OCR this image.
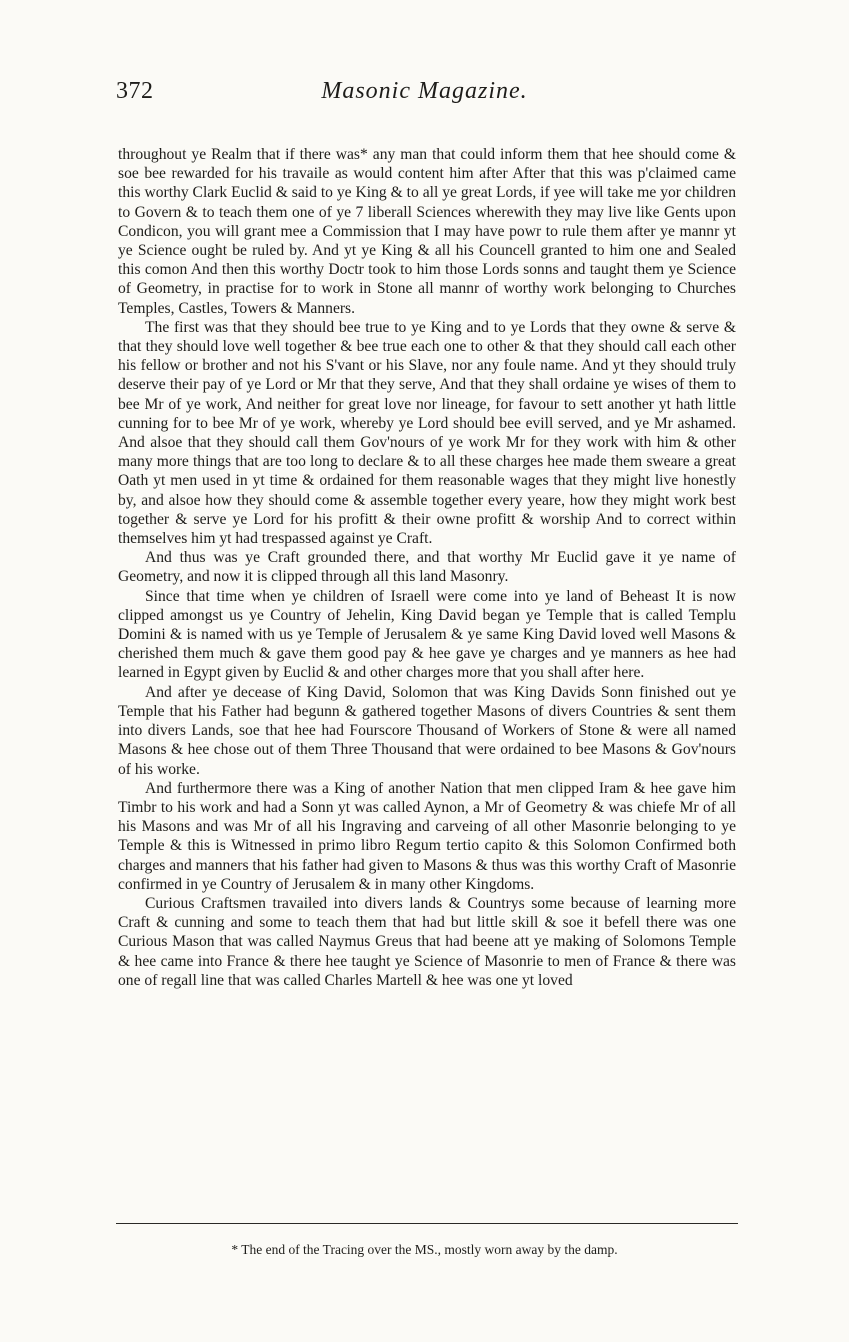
372	Masonic Magazine.

throughout ye Realm that if there was* any man that could inform them that hee should come & soe bee rewarded for his travaile as would content him after After that this was p'claimed came this worthy Clark Euclid & said to ye King & to all ye great Lords, if yee will take me yor children to Govern & to teach them one of ye 7 liberall Sciences wherewith they may live like Gents upon Condicon, you will grant mee a Commission that I may have powr to rule them after ye mannr yt ye Science ought be ruled by. And yt ye King & all his Councell granted to him one and Sealed this comon And then this worthy Doctr took to him those Lords sonns and taught them ye Science of Geometry, in practise for to work in Stone all mannr of worthy work belonging to Churches Temples, Castles, Towers & Manners.

The first was that they should bee true to ye King and to ye Lords that they owne & serve & that they should love well together & bee true each one to other & that they should call each other his fellow or brother and not his S'vant or his Slave, nor any foule name. And yt they should truly deserve their pay of ye Lord or Mr that they serve, And that they shall ordaine ye wises of them to bee Mr of ye work, And neither for great love nor lineage, for favour to sett another yt hath little cunning for to bee Mr of ye work, whereby ye Lord should bee evill served, and ye Mr ashamed. And alsoe that they should call them Gov'nours of ye work Mr for they work with him & other many more things that are too long to declare & to all these charges hee made them sweare a great Oath yt men used in yt time & ordained for them reasonable wages that they might live honestly by, and alsoe how they should come & assemble together every yeare, how they might work best together & serve ye Lord for his profitt & their owne profitt & worship And to correct within themselves him yt had trespassed against ye Craft.

And thus was ye Craft grounded there, and that worthy Mr Euclid gave it ye name of Geometry, and now it is clipped through all this land Masonry.

Since that time when ye children of Israell were come into ye land of Beheast It is now clipped amongst us ye Country of Jehelin, King David began ye Temple that is called Templu Domini & is named with us ye Temple of Jerusalem & ye same King David loved well Masons & cherished them much & gave them good pay & hee gave ye charges and ye manners as hee had learned in Egypt given by Euclid & and other charges more that you shall after here.

And after ye decease of King David, Solomon that was King Davids Sonn finished out ye Temple that his Father had begunn & gathered together Masons of divers Countries & sent them into divers Lands, soe that hee had Fourscore Thousand of Workers of Stone & were all named Masons & hee chose out of them Three Thousand that were ordained to bee Masons & Gov'nours of his worke.

And furthermore there was a King of another Nation that men clipped Iram & hee gave him Timbr to his work and had a Sonn yt was called Aynon, a Mr of Geometry & was chiefe Mr of all his Masons and was Mr of all his Ingraving and carveing of all other Masonrie belonging to ye Temple & this is Witnessed in primo libro Regum tertio capito & this Solomon Confirmed both charges and manners that his father had given to Masons & thus was this worthy Craft of Masonrie confirmed in ye Country of Jerusalem & in many other Kingdoms.

Curious Craftsmen travailed into divers lands & Countrys some because of learning more Craft & cunning and some to teach them that had but little skill & soe it befell there was one Curious Mason that was called Naymus Greus that had beene att ye making of Solomons Temple & hee came into France & there hee taught ye Science of Masonrie to men of France & there was one of regall line that was called Charles Martell & hee was one yt loved

* The end of the Tracing over the MS., mostly worn away by the damp.
